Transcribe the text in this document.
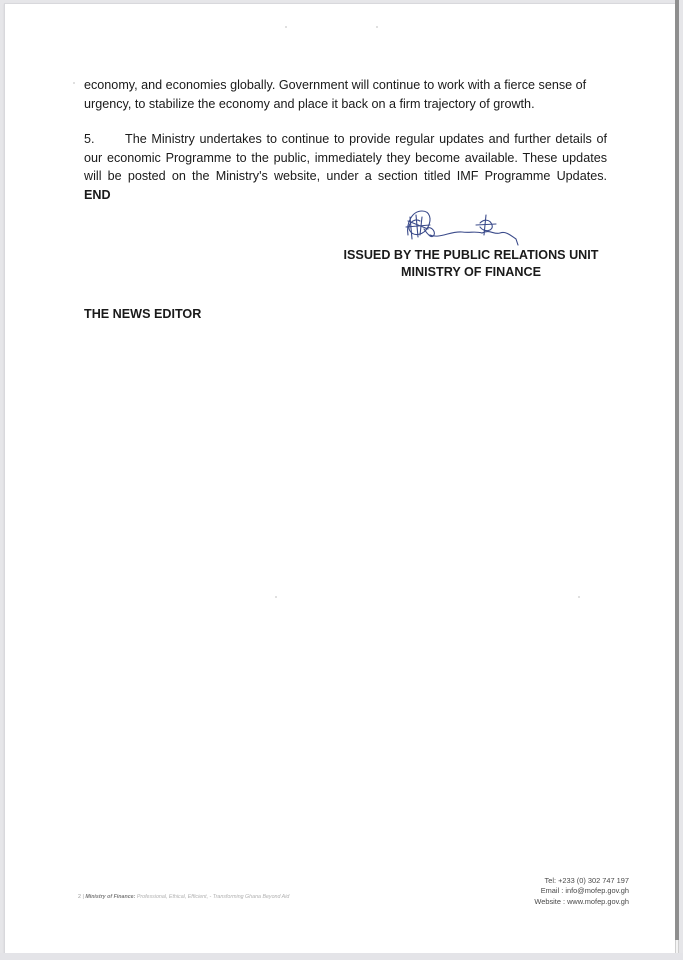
economy, and economies globally. Government will continue to work with a fierce sense of
urgency, to stabilize the economy and place it back on a firm trajectory of growth.
5. The Ministry undertakes to continue to provide regular updates and further details of
our economic Programme to the public, immediately they become available. These updates
will be posted on the Ministry's website, under a section titled IMF Programme Updates.
END
ISSUED BY THE PUBLIC RELATIONS UNIT
MINISTRY OF FINANCE
THE NEWS EDITOR
2 | Ministry of Finance: Professional, Ethical, Efficient, - Transforming Ghana Beyond Aid
Tel: +233 (0) 302 747 197
Email : info@mofep.gov.gh
Website : www.mofep.gov.gh
